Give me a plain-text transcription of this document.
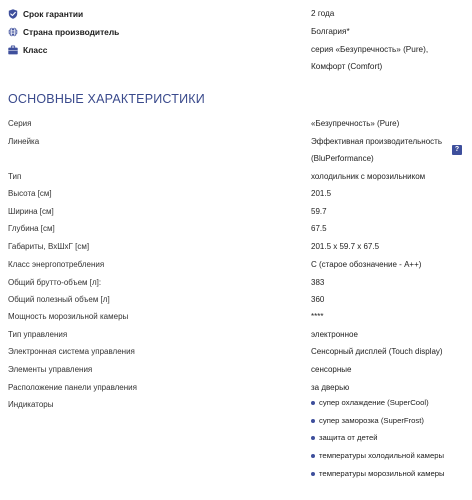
Срок гарантии	2 года
Страна производитель	Болгария*
Класс	серия «Безупречность» (Pure), Комфорт (Comfort)
ОСНОВНЫЕ ХАРАКТЕРИСТИКИ
Серия	«Безупречность» (Pure)
Линейка	Эффективная производительность (BluPerformance)
?
Тип	холодильник с морозильником
Высота [см]	201.5
Ширина [см]	59.7
Глубина [см]	67.5
Габариты, ВхШхГ [см]	201.5 x 59.7 x 67.5
Класс энергопотребления	C (старое обозначение - A++)
Общий брутто-объем [л]:	383
Общий полезный объем [л]	360
Мощность морозильной камеры	****
Тип управления	электронное
Электронная система управления	Сенсорный дисплей (Touch display)
Элементы управления	сенсорные
Расположение панели управления	за дверью
Индикаторы	супер охлаждение (SuperCool)
супер заморозка (SuperFrost)
защита от детей
температуры холодильной камеры
температуры морозильной камеры
